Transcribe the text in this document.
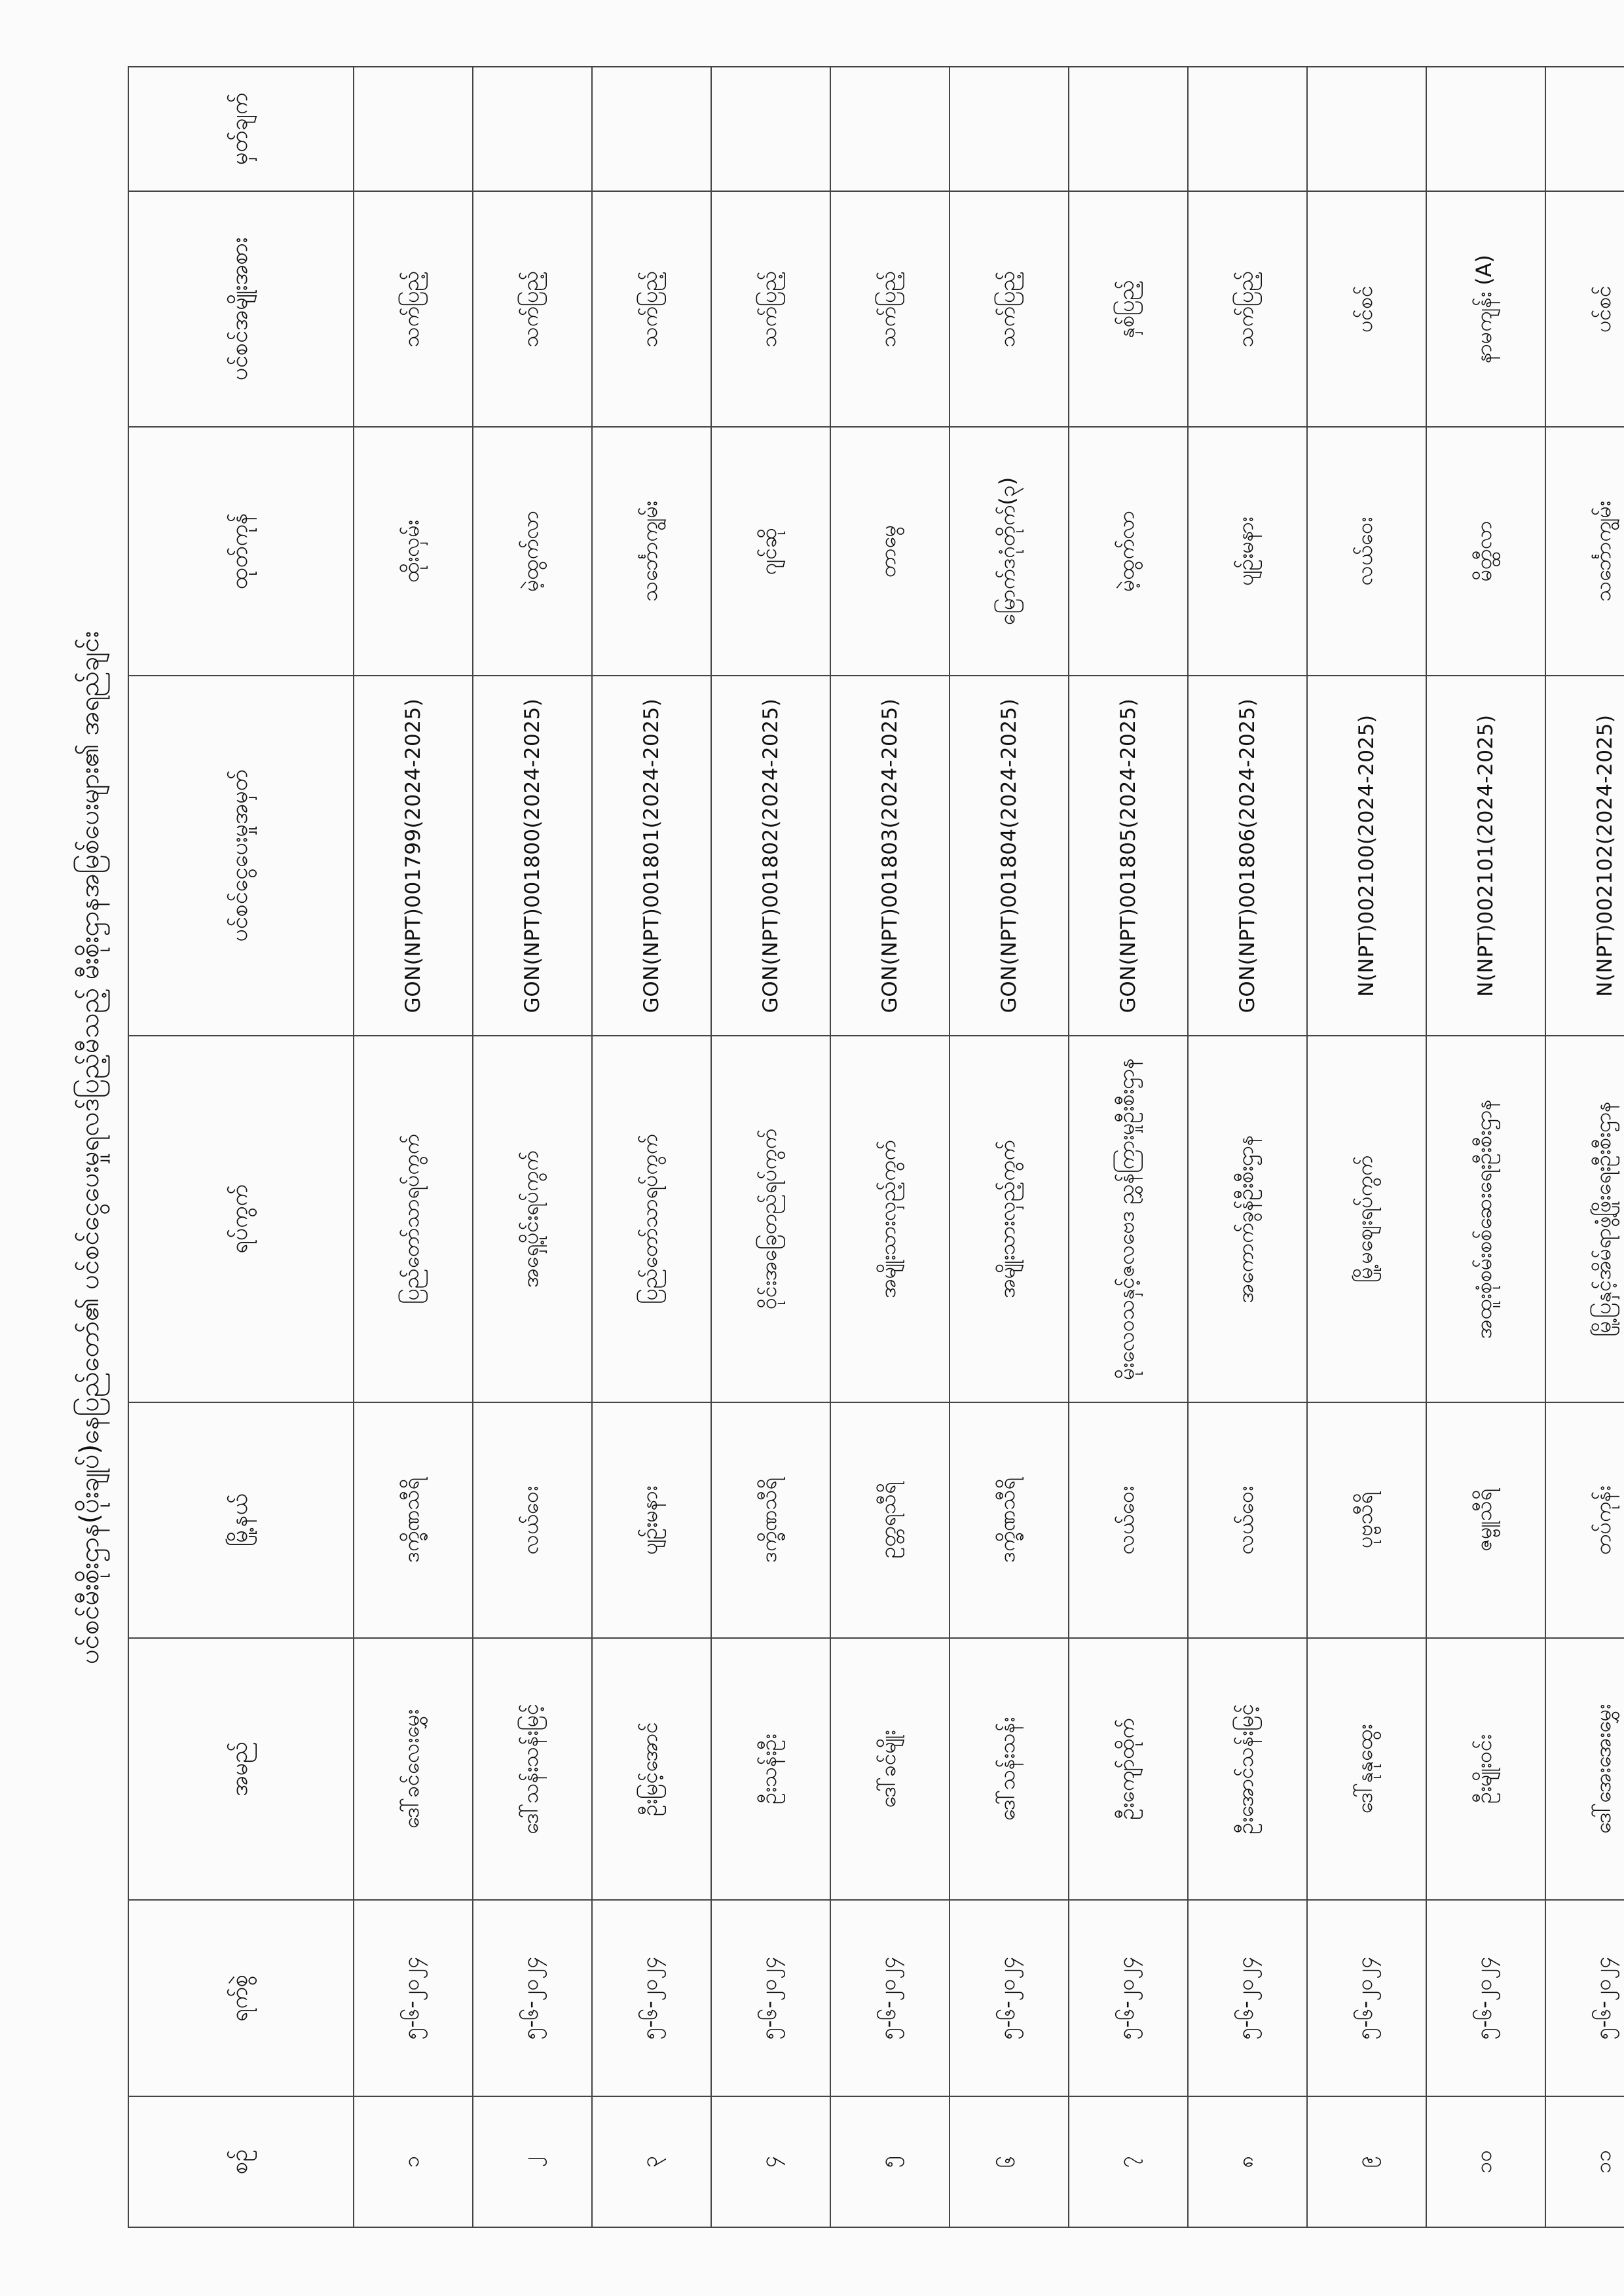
ပင်စင်မီးစိုးဌာန(ပိုးချုပ်)နေပြည်တော်၏ ပင်စင်ငွေပေးမှုရလဒ်ပြည့်မီသည့် မီးစိုးဌာနအမြစ်ပေးများ၏ အရည်ချင်း
စဉ်	ရက်စွဲ	အမည်	မြို့နယ်	ရပ်ကွက်	ပင်စင်ငွေပေးမှုအမှတ်	ထုတ်ကုန်	ပင်စင်အမျိုးအစား	မှတ်ချက်
၁	၅-၆-၂၀၂၄	ဒေါ်ခင်လေးမွှေး	ဒက္ခိဏသီရိ	ပြည်တော်သာရပ်ကွက်	GON(NPT)001799(2024-2025)	ထိုးလှမ်း	သက်ပြည့်	
၂	၅-၆-၂၀၂၄	ဒေါ်သန်းသန်းမြင့်	လယ်ဝေး	အရှေ့ပိုင်းရပ်ကွက်	GON(NPT)001800(2024-2025)	မဲ့ထွက်လာ	သက်ပြည့်	
၃	၅-၆-၂၀၂၄	ဦးမြင့်အောင်	ပျဉ်းမနား	ပြည်တော်သာရပ်ကွက်	GON(NPT)001801(2024-2025)	သင်္ဘောကျွမ်း	သက်ပြည့်	
၄	၅-၆-၂၀၂၄	ဦးသန်းဦး	ဒက္ခိဏသီရိ	ဝိုင်းအခြေတည်ရပ်ကွက်	GON(NPT)001802(2024-2025)	ဂျင်ဆို	သက်ပြည့်	
၅	၅-၆-၂၀၂၄	ဒေါ်ခင်မျိုး	ဥတ္တရသီရိ	အမျိုးသားလှည့်ကွက်	GON(NPT)001803(2024-2025)	တာမွေ	သက်ပြည့်	
၆	၅-၆-၂၀၂၄	ဒေါ်သန်းသန်း	ဒက္ခိဏသီရိ	အမျိုးသားလှည့်ကွက်	GON(NPT)001804(2024-2025)	မြောက်ဒဂုံတိုက်(၃)	သက်ပြည့်	
၇	၅-၆-၂၀၂၄	ဦးကျော်ထိုက်	လယ်ဝေး	မိုးလေ၀သနှင့်ဇလဗေဒ ညွှန်ကြားမှုဦးစီးဌာန	GON(NPT)001805(2024-2025)	မဲ့ထွက်လာ	နှစ်ပြည့်	
၈	၅-၆-၂၀၂၄	ဦးအောင်သန်းမြင့်	လယ်ဝေး	အကောက်ခွန်ဦးစီးဌာန	GON(NPT)001806(2024-2025)	ပျဉ်းမနား	သက်ပြည့်	
၉	၅-၆-၂၀၂၄	ဒေါ်နုနုထွေး	ပုဗ္ဗသီရိ	မြို့မဈေးရပ်ကွက်	N(NPT)002100(2024-2025)	လယ်ဝေး	ပင်စင်	
၁၀	၅-၆-၂၀၂၄	ဦးမျိုးဝင်း	ဇမ္ဗူသီရိ	အထူးစုံစမ်းစစ်ဆေးရေးဦးစီးဌာန	N(NPT)002101(2024-2025)	မိတ္ထီလာ	နာမကျန်း (A)	
၁၁	၅-၆-၂၀၂၄	ဒေါ်အေးအေးမွှေး	တပ်ကုန်း	မြို့ပြနှင့်အိမ်ရာဖွံ့ဖြိုးရေးဦးစီးဌာန	N(NPT)002102(2024-2025)	သင်္ဘောကျွမ်း	ပင်စင်	
